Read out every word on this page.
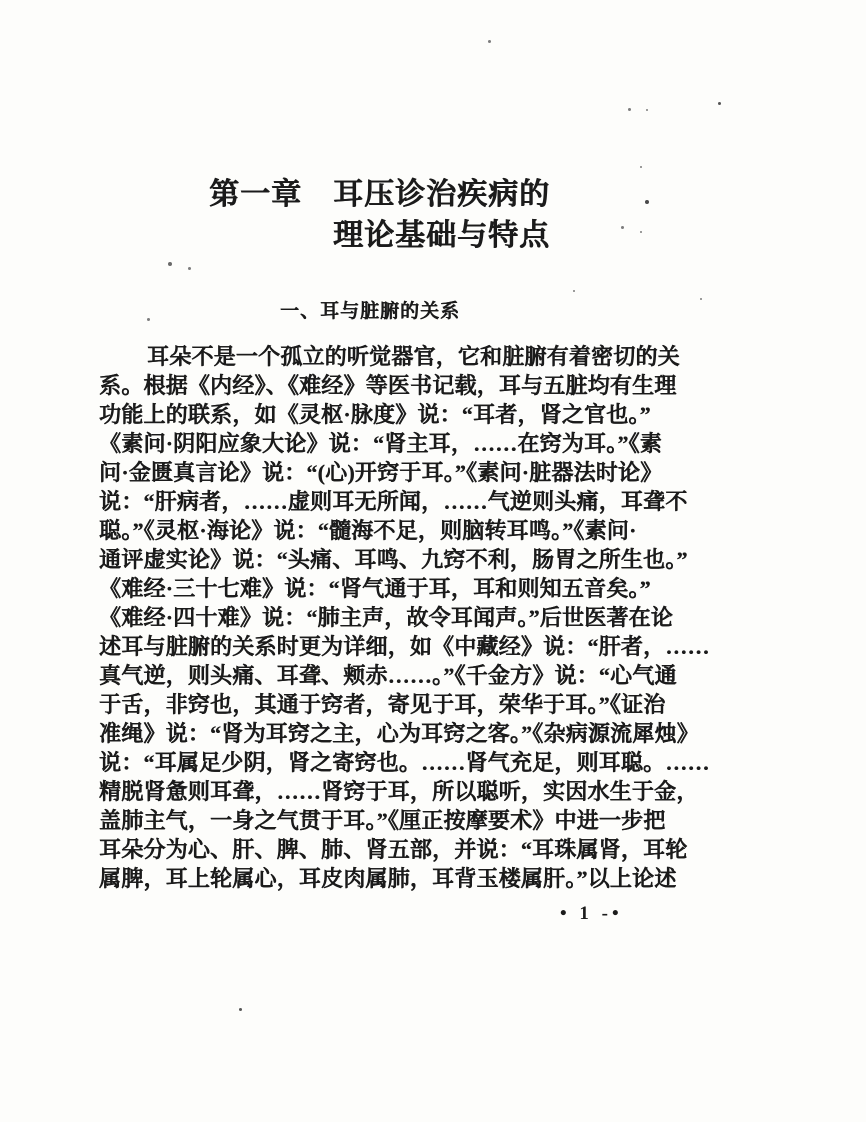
第一章　耳压诊治疾病的
理论基础与特点
一、耳与脏腑的关系
耳朵不是一个孤立的听觉器官，它和脏腑有着密切的关
系。根据《内经》、《难经》等医书记载，耳与五脏均有生理
功能上的联系，如《灵枢·脉度》说：“耳者，肾之官也。”
《素问·阴阳应象大论》说：“肾主耳，……在窍为耳。”《素
问·金匮真言论》说：“(心)开窍于耳。”《素问·脏器法时论》
说：“肝病者，……虚则耳无所闻，……气逆则头痛，耳聋不
聪。”《灵枢·海论》说：“髓海不足，则脑转耳鸣。”《素问·
通评虚实论》说：“头痛、耳鸣、九窍不利，肠胃之所生也。”
《难经·三十七难》说：“肾气通于耳，耳和则知五音矣。”
《难经·四十难》说：“肺主声，故令耳闻声。”后世医著在论
述耳与脏腑的关系时更为详细，如《中藏经》说：“肝者，……
真气逆，则头痛、耳聋、颊赤……。”《千金方》说：“心气通
于舌，非窍也，其通于窍者，寄见于耳，荣华于耳。”《证治
准绳》说：“肾为耳窍之主，心为耳窍之客。”《杂病源流犀烛》
说：“耳属足少阴，肾之寄窍也。……肾气充足，则耳聪。……
精脱肾惫则耳聋，……肾窍于耳，所以聪听，实因水生于金，
盖肺主气，一身之气贯于耳。”《厘正按摩要术》中进一步把
耳朵分为心、肝、脾、肺、肾五部，并说：“耳珠属肾，耳轮
属脾，耳上轮属心，耳皮肉属肺，耳背玉楼属肝。”以上论述
• 1 -•
